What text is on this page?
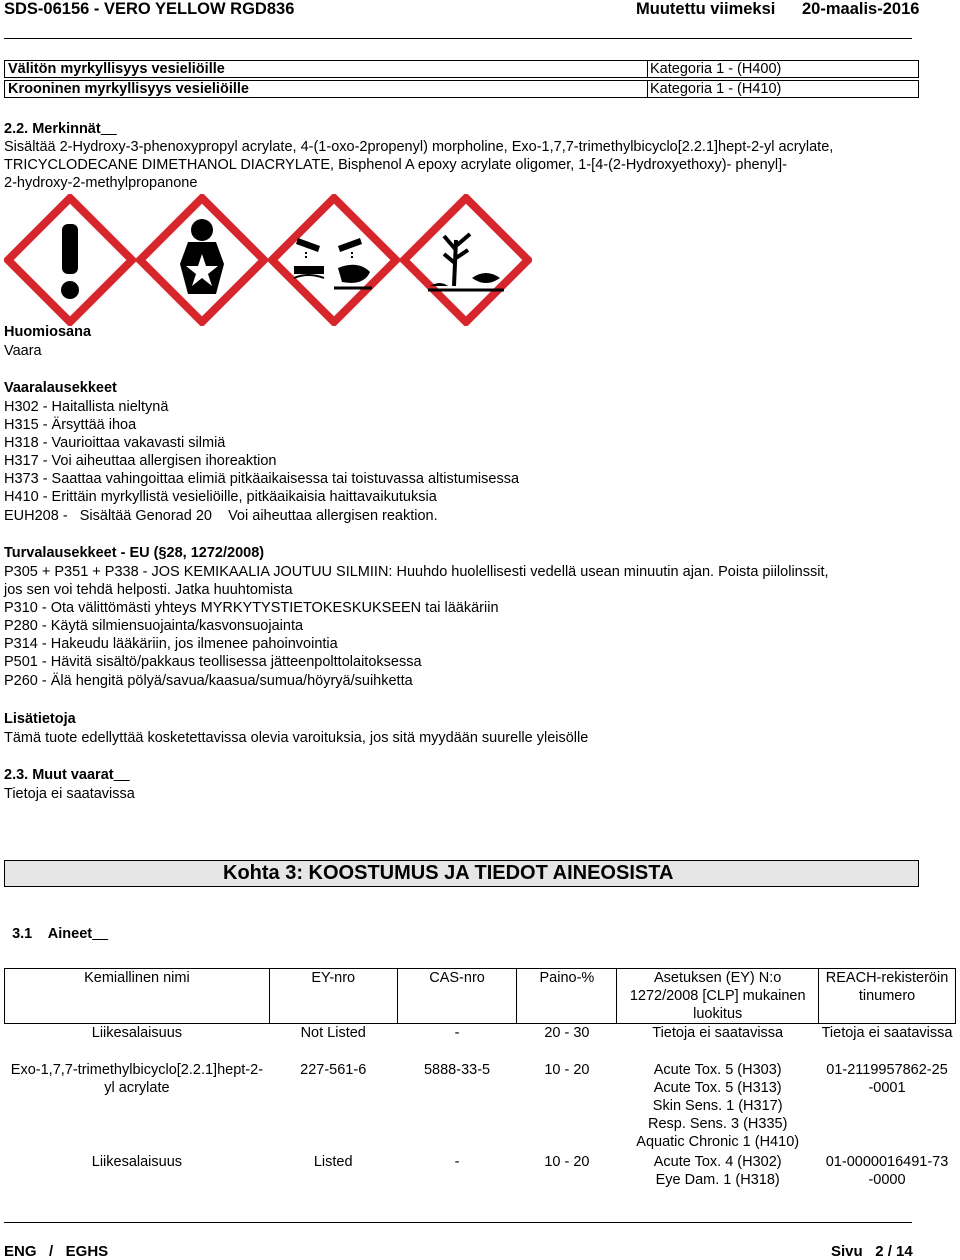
SDS-06156 - VERO YELLOW RGD836	Muutettu viimeksi 20-maalis-2016
Välitön myrkyllisyys vesieliöille	Kategoria 1 - (H400)
Krooninen myrkyllisyys vesieliöille	Kategoria 1 - (H410)
2.2. Merkinnät
Sisältää 2-Hydroxy-3-phenoxypropyl acrylate, 4-(1-oxo-2propenyl) morpholine, Exo-1,7,7-trimethylbicyclo[2.2.1]hept-2-yl acrylate,
TRICYCLODECANE DIMETHANOL DIACRYLATE, Bisphenol A epoxy acrylate oligomer, 1-[4-(2-Hydroxyethoxy)- phenyl]-
2-hydroxy-2-methylpropanone
Huomiosana
Vaara
Vaaralausekkeet
H302 - Haitallista nieltynä
H315 - Ärsyttää ihoa
H318 - Vaurioittaa vakavasti silmiä
H317 - Voi aiheuttaa allergisen ihoreaktion
H373 - Saattaa vahingoittaa elimiä pitkäaikaisessa tai toistuvassa altistumisessa
H410 - Erittäin myrkyllistä vesieliöille, pitkäaikaisia haittavaikutuksia
EUH208 -   Sisältää Genorad 20    Voi aiheuttaa allergisen reaktion.
Turvalausekkeet - EU (§28, 1272/2008)
P305 + P351 + P338 - JOS KEMIKAALIA JOUTUU SILMIIN: Huuhdo huolellisesti vedellä usean minuutin ajan. Poista piilolinssit,
jos sen voi tehdä helposti. Jatka huuhtomista
P310 - Ota välittömästi yhteys MYRKYTYSTIETOKESKUKSEEN tai lääkäriin
P280 - Käytä silmiensuojainta/kasvonsuojainta
P314 - Hakeudu lääkäriin, jos ilmenee pahoinvointia
P501 - Hävitä sisältö/pakkaus teollisessa jätteenpolttolaitoksessa
P260 - Älä hengitä pölyä/savua/kaasua/sumua/höyryä/suihketta
Lisätietoja
Tämä tuote edellyttää kosketettavissa olevia varoituksia, jos sitä myydään suurelle yleisölle
2.3. Muut vaarat
Tietoja ei saatavissa
Kohta 3: KOOSTUMUS JA TIEDOT AINEOSISTA

3.1    Aineet

Kemiallinen nimi	EY-nro	CAS-nro	Paino-%	Asetuksen (EY) N:o 1272/2008 [CLP] mukainen luokitus	REACH-rekisteröin tinumero
Liikesalaisuus	Not Listed	-	20 - 30	Tietoja ei saatavissa	Tietoja ei saatavissa
Exo-1,7,7-trimethylbicyclo[2.2.1]hept-2-yl acrylate	227-561-6	5888-33-5	10 - 20	Acute Tox. 5 (H303)
Acute Tox. 5 (H313)
Skin Sens. 1 (H317)
Resp. Sens. 3 (H335)
Aquatic Chronic 1 (H410)	01-2119957862-25 -0001
Liikesalaisuus	Listed	-	10 - 20	Acute Tox. 4 (H302)
Eye Dam. 1 (H318)	01-0000016491-73 -0000
ENG   /   EGHS	Sivu 2 / 14
